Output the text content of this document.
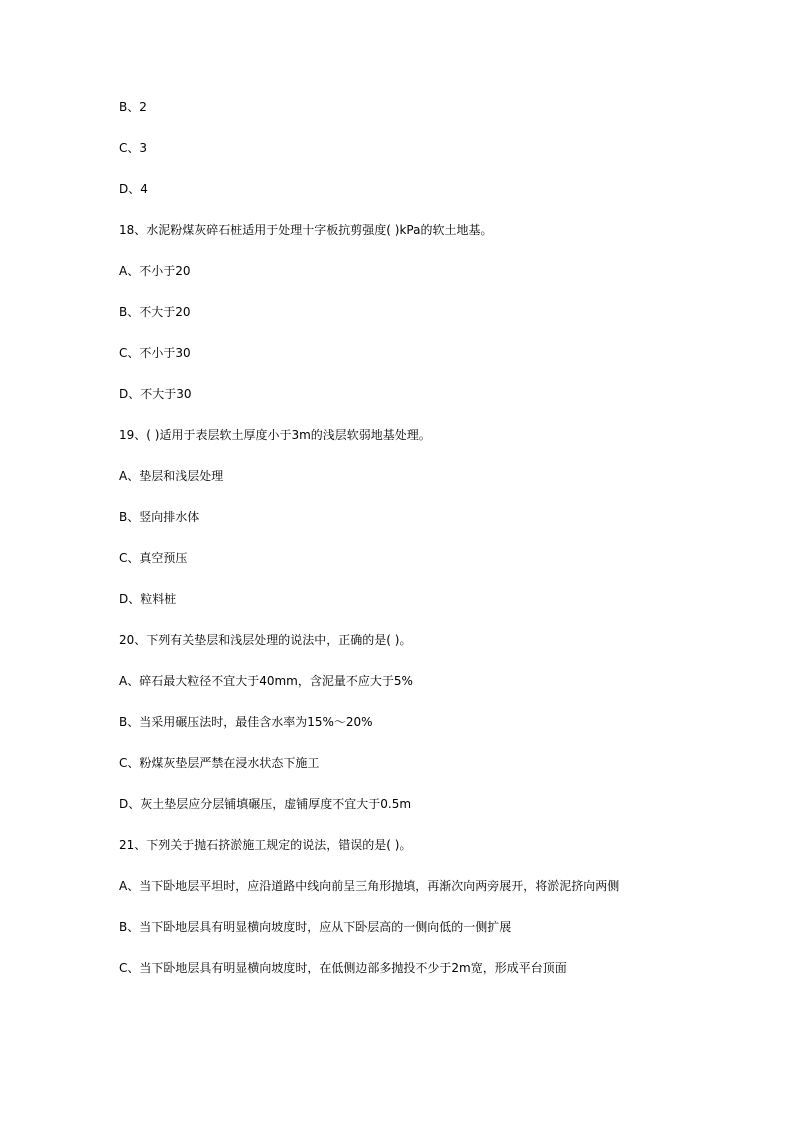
B、2

C、3

D、4

18、水泥粉煤灰碎石桩适用于处理十字板抗剪强度( )kPa的软土地基。

A、不小于20

B、不大于20

C、不小于30

D、不大于30

19、( )适用于表层软土厚度小于3m的浅层软弱地基处理。

A、垫层和浅层处理

B、竖向排水体

C、真空预压

D、粒料桩

20、下列有关垫层和浅层处理的说法中，正确的是( )。

A、碎石最大粒径不宜大于40mm，含泥量不应大于5%

B、当采用碾压法时，最佳含水率为15%～20%

C、粉煤灰垫层严禁在浸水状态下施工

D、灰土垫层应分层铺填碾压，虚铺厚度不宜大于0.5m

21、下列关于抛石挤淤施工规定的说法，错误的是( )。

A、当下卧地层平坦时，应沿道路中线向前呈三角形抛填，再渐次向两旁展开，将淤泥挤向两侧

B、当下卧地层具有明显横向坡度时，应从下卧层高的一侧向低的一侧扩展

C、当下卧地层具有明显横向坡度时，在低侧边部多抛投不少于2m宽，形成平台顶面
